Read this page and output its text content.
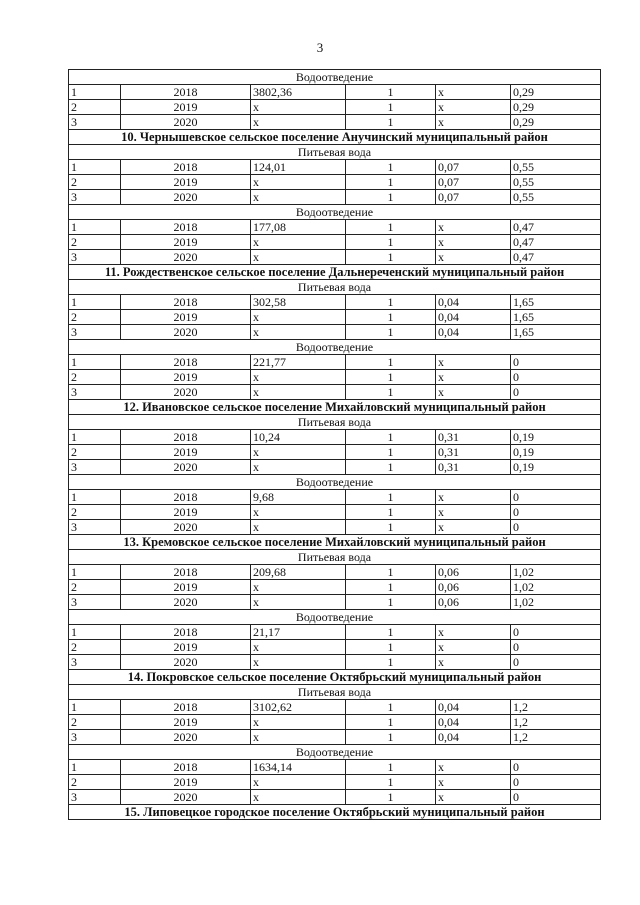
3
Водоотведение					
1	2018	3802,36	1	x	0,29
2	2019	x	1	x	0,29
3	2020	x	1	x	0,29
10. Чернышевское сельское поселение Анучинский муниципальный район					
Питьевая вода					
1	2018	124,01	1	0,07	0,55
2	2019	x	1	0,07	0,55
3	2020	x	1	0,07	0,55
Водоотведение					
1	2018	177,08	1	x	0,47
2	2019	x	1	x	0,47
3	2020	x	1	x	0,47
11. Рождественское сельское поселение Дальнереченский муниципальный район					
Питьевая вода					
1	2018	302,58	1	0,04	1,65
2	2019	x	1	0,04	1,65
3	2020	x	1	0,04	1,65
Водоотведение					
1	2018	221,77	1	x	0
2	2019	x	1	x	0
3	2020	x	1	x	0
12. Ивановское сельское поселение Михайловский муниципальный район					
Питьевая вода					
1	2018	10,24	1	0,31	0,19
2	2019	x	1	0,31	0,19
3	2020	x	1	0,31	0,19
Водоотведение					
1	2018	9,68	1	x	0
2	2019	x	1	x	0
3	2020	x	1	x	0
13. Кремовское сельское поселение Михайловский муниципальный район					
Питьевая вода					
1	2018	209,68	1	0,06	1,02
2	2019	x	1	0,06	1,02
3	2020	x	1	0,06	1,02
Водоотведение					
1	2018	21,17	1	x	0
2	2019	x	1	x	0
3	2020	x	1	x	0
14. Покровское сельское поселение Октябрьский муниципальный район					
Питьевая вода					
1	2018	3102,62	1	0,04	1,2
2	2019	x	1	0,04	1,2
3	2020	x	1	0,04	1,2
Водоотведение					
1	2018	1634,14	1	x	0
2	2019	x	1	x	0
3	2020	x	1	x	0
15. Липовецкое городское поселение Октябрьский муниципальный район					
